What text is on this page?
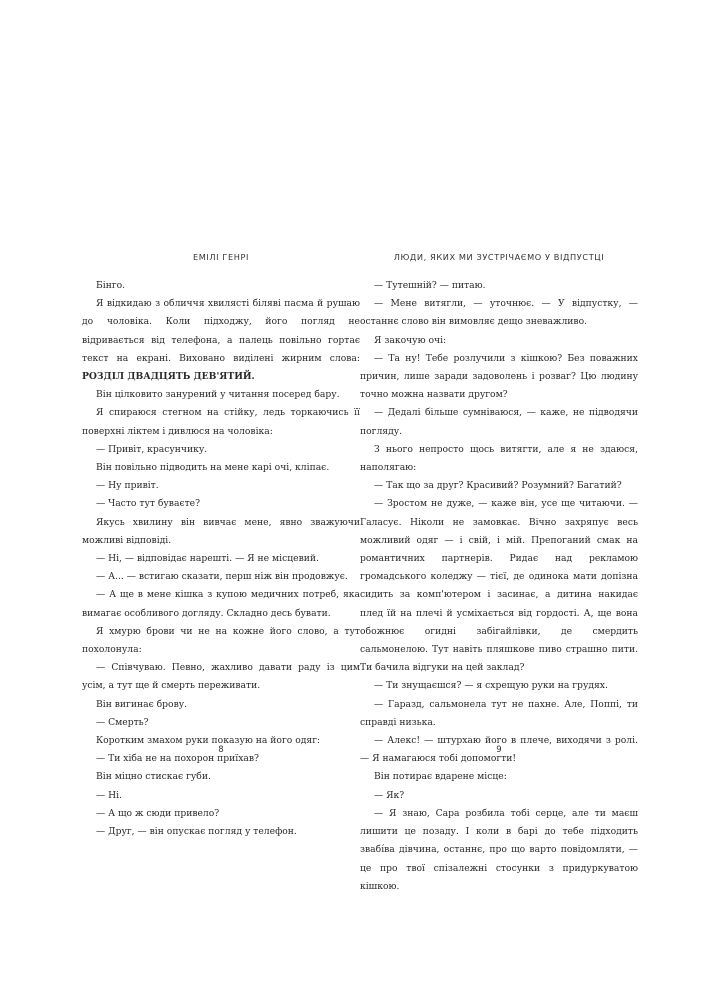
ЕМІЛІ ГЕНРІ

Бінго.

Я відкидаю з обличчя хвилясті біляві пасма й рушаю до чоловіка. Коли підходжу, його погляд не відривається від телефона, а палець повільно гортає текст на екрані. Виховано виділені жирним слова: РОЗДІЛ ДВАДЦЯТЬ ДЕВ'ЯТИЙ.

Він цілковито занурений у читання посеред бару.

Я спираюся стегном на стійку, ледь торкаючись її поверхні ліктем і дивлюся на чоловіка:

— Привіт, красунчику.

Він повільно підводить на мене карі очі, кліпає.

— Ну привіт.

— Часто тут буваєте?

Якусь хвилину він вивчає мене, явно зважуючи можливі відповіді.

— Ні, — відповідає нарешті. — Я не місцевий.

— А... — встигаю сказати, перш ніж він продовжує.

— А ще в мене кішка з купою медичних потреб, яка вимагає особливого догляду. Складно десь бувати.

Я хмурю брови чи не на кожне його слово, а тут похолонула:

— Співчуваю. Певно, жахливо давати раду із цим усім, а тут ще й смерть переживати.

Він вигинає брову.

— Смерть?

Коротким змахом руки показую на його одяг:

— Ти хіба не на похорон приїхав?

Він міцно стискає губи.

— Ні.

— А що ж сюди привело?

— Друг, — він опускає погляд у телефон.

8
ЛЮДИ, ЯКИХ МИ ЗУСТРІЧАЄМО У ВІДПУСТЦІ

— Тутешній? — питаю.

— Мене витягли, — уточнює. — У відпустку, — останнє слово він вимовляє дещо зневажливо.

Я закочую очі:

— Та ну! Тебе розлучили з кішкою? Без поважних причин, лише заради задоволень і розваг? Цю людину точно можна назвати другом?

— Дедалі більше сумніваюся, — каже, не підводячи погляду.

З нього непросто щось витягти, але я не здаюся, наполягаю:

— Так що за друг? Красивий? Розумний? Багатий?

— Зростом не дуже, — каже він, усе ще читаючи. — Галасує. Ніколи не замовкає. Вічно захряпує весь можливий одяг — і свій, і мій. Препоганий смак на романтичних партнерів. Ридає над рекламою громадського коледжу — тієї, де одинока мати допізна сидить за комп'ютером і засинає, а дитина накидає плед їй на плечі й усміхається від гордості. А, ще вона обожнює огидні забігайлівки, де смердить сальмонелою. Тут навіть пляшкове пиво страшно пити. Ти бачила відгуки на цей заклад?

— Ти знущаєшся? — я схрещую руки на грудях.

— Гаразд, сальмонела тут не пахне. Але, Поппі, ти справді низька.

— Алекс! — штурхаю його в плече, виходячи з ролі. — Я намагаюся тобі допомогти!

Він потирає вдарене місце:

— Як?

— Я знаю, Сара розбила тобі серце, але ти маєш лишити це позаду. І коли в барі до тебе підходить звабі́ва дівчина, останнє, про що варто повідомляти, — це про твої спізалежні стосунки з придуркуватою кішкою.

9
